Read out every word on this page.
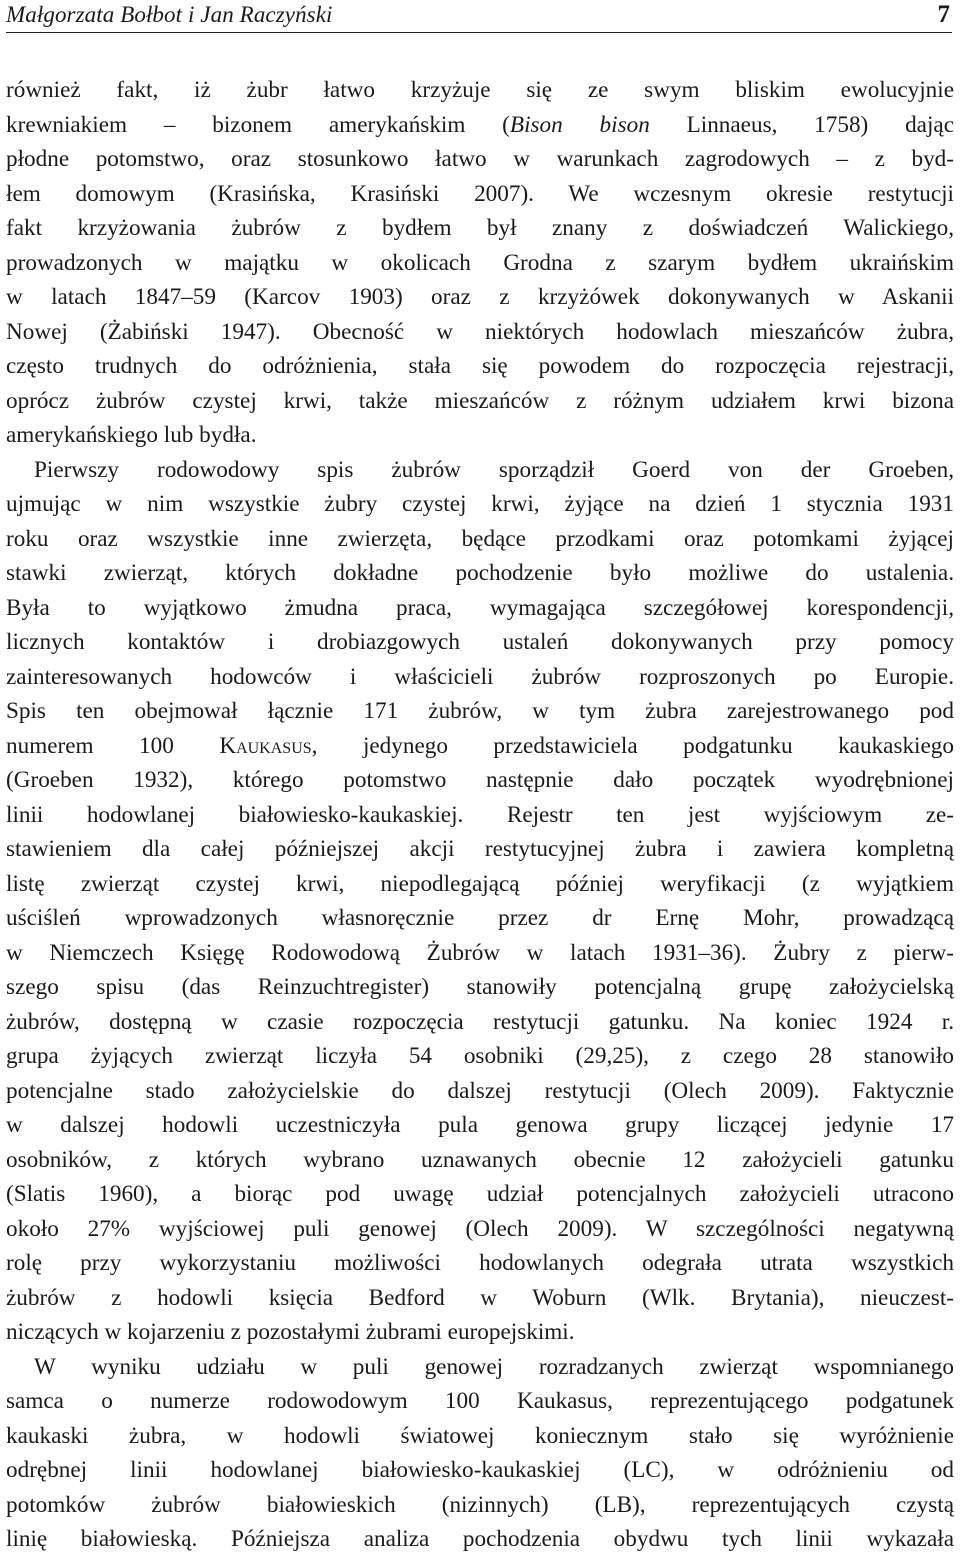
Małgorzata Bołbot i Jan Raczyński	7
również fakt, iż żubr łatwo krzyżuje się ze swym bliskim ewolucyjnie
krewniakiem – bizonem amerykańskim (Bison bison Linnaeus, 1758) dając
płodne potomstwo, oraz stosunkowo łatwo w warunkach zagrodowych – z byd-
łem domowym (Krasińska, Krasiński 2007). We wczesnym okresie restytucji
fakt krzyżowania żubrów z bydłem był znany z doświadczeń Walickiego,
prowadzonych w majątku w okolicach Grodna z szarym bydłem ukraińskim
w latach 1847–59 (Karcov 1903) oraz z krzyżówek dokonywanych w Askanii
Nowej (Żabiński 1947). Obecność w niektórych hodowlach mieszańców żubra,
często trudnych do odróżnienia, stała się powodem do rozpoczęcia rejestracji,
oprócz żubrów czystej krwi, także mieszańców z różnym udziałem krwi bizona
amerykańskiego lub bydła.
Pierwszy rodowodowy spis żubrów sporządził Goerd von der Groeben,
ujmując w nim wszystkie żubry czystej krwi, żyjące na dzień 1 stycznia 1931
roku oraz wszystkie inne zwierzęta, będące przodkami oraz potomkami żyjącej
stawki zwierząt, których dokładne pochodzenie było możliwe do ustalenia.
Była to wyjątkowo żmudna praca, wymagająca szczegółowej korespondencji,
licznych kontaktów i drobiazgowych ustaleń dokonywanych przy pomocy
zainteresowanych hodowców i właścicieli żubrów rozproszonych po Europie.
Spis ten obejmował łącznie 171 żubrów, w tym żubra zarejestrowanego pod
numerem 100 Kaukasus, jedynego przedstawiciela podgatunku kaukaskiego
(Groeben 1932), którego potomstwo następnie dało początek wyodrębnionej
linii hodowlanej białowiesko-kaukaskiej. Rejestr ten jest wyjściowym ze-
stawieniem dla całej późniejszej akcji restytucyjnej żubra i zawiera kompletną
listę zwierząt czystej krwi, niepodlegającą później weryfikacji (z wyjątkiem
uściśleń wprowadzonych własnoręcznie przez dr Ernę Mohr, prowadzącą
w Niemczech Księgę Rodowodową Żubrów w latach 1931–36). Żubry z pierw-
szego spisu (das Reinzuchtregister) stanowiły potencjalną grupę założycielską
żubrów, dostępną w czasie rozpoczęcia restytucji gatunku. Na koniec 1924 r.
grupa żyjących zwierząt liczyła 54 osobniki (29,25), z czego 28 stanowiło
potencjalne stado założycielskie do dalszej restytucji (Olech 2009). Faktycznie
w dalszej hodowli uczestniczyła pula genowa grupy liczącej jedynie 17
osobników, z których wybrano uznawanych obecnie 12 założycieli gatunku
(Slatis 1960), a biorąc pod uwagę udział potencjalnych założycieli utracono
około 27% wyjściowej puli genowej (Olech 2009). W szczególności negatywną
rolę przy wykorzystaniu możliwości hodowlanych odegrała utrata wszystkich
żubrów z hodowli księcia Bedford w Woburn (Wlk. Brytania), nieuczest-
niczących w kojarzeniu z pozostałymi żubrami europejskimi.
W wyniku udziału w puli genowej rozradzanych zwierząt wspomnianego
samca o numerze rodowodowym 100 Kaukasus, reprezentującego podgatunek
kaukaski żubra, w hodowli światowej koniecznym stało się wyróżnienie
odrębnej linii hodowlanej białowiesko-kaukaskiej (LC), w odróżnieniu od
potomków żubrów białowieskich (nizinnych) (LB), reprezentujących czystą
linię białowieską. Późniejsza analiza pochodzenia obydwu tych linii wykazała
